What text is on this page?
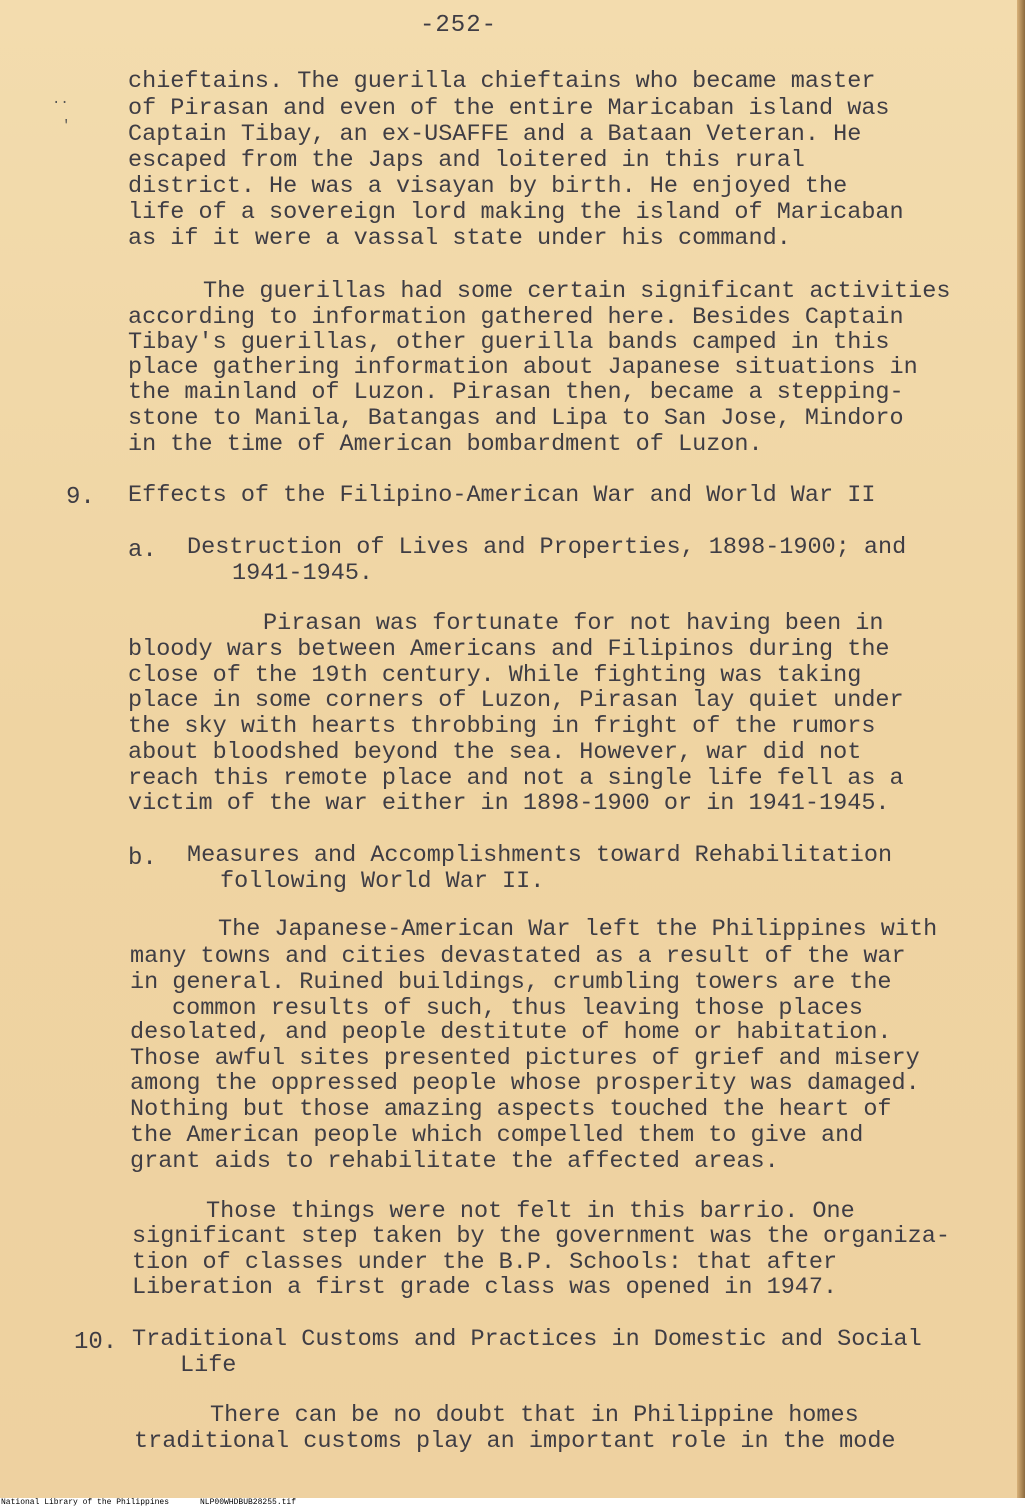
-252-
..
'
chieftains. The guerilla chieftains who became master
of Pirasan and even of the entire Maricaban island was
Captain Tibay, an ex-USAFFE and a Bataan Veteran. He
escaped from the Japs and loitered in this rural
district. He was a visayan by birth. He enjoyed the
life of a sovereign lord making the island of Maricaban
as if it were a vassal state under his command.
The guerillas had some certain significant activities
according to information gathered here. Besides Captain
Tibay's guerillas, other guerilla bands camped in this
place gathering information about Japanese situations in
the mainland of Luzon. Pirasan then, became a stepping-
stone to Manila, Batangas and Lipa to San Jose, Mindoro
in the time of American bombardment of Luzon.
9. Effects of the Filipino-American War and World War II
a. Destruction of Lives and Properties, 1898-1900; and
1941-1945.
Pirasan was fortunate for not having been in
bloody wars between Americans and Filipinos during the
close of the 19th century. While fighting was taking
place in some corners of Luzon, Pirasan lay quiet under
the sky with hearts throbbing in fright of the rumors
about bloodshed beyond the sea. However, war did not
reach this remote place and not a single life fell as a
victim of the war either in 1898-1900 or in 1941-1945.
b. Measures and Accomplishments toward Rehabilitation
following World War II.
The Japanese-American War left the Philippines with
many towns and cities devastated as a result of the war
in general. Ruined buildings, crumbling towers are the
common results of such, thus leaving those places
desolated, and people destitute of home or habitation.
Those awful sites presented pictures of grief and misery
among the oppressed people whose prosperity was damaged.
Nothing but those amazing aspects touched the heart of
the American people which compelled them to give and
grant aids to rehabilitate the affected areas.
Those things were not felt in this barrio. One
significant step taken by the government was the organiza-
tion of classes under the B.P. Schools: that after
Liberation a first grade class was opened in 1947.
10. Traditional Customs and Practices in Domestic and Social
Life
There can be no doubt that in Philippine homes
traditional customs play an important role in the mode
National Library of the Philippines	NLP00WHDBUB28255.tif
